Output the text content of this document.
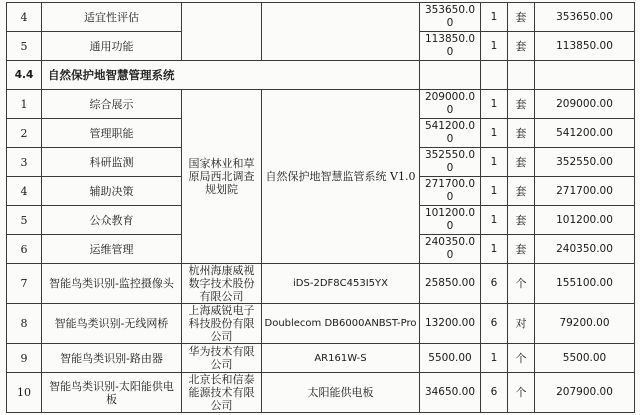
4	适宜性评估			353650.00	1	套	353650.00
5	通用功能			113850.00	1	套	113850.00
4.4	自然保护地智慧管理系统						
1	综合展示	国家林业和草原局西北调查规划院	自然保护地智慧监管系统 V1.0	209000.00	1	套	209000.00
2	管理职能			541200.00	1	套	541200.00
3	科研监测			352550.00	1	套	352550.00
4	辅助决策			271700.00	1	套	271700.00
5	公众教育			101200.00	1	套	101200.00
6	运维管理			240350.00	1	套	240350.00
7	智能鸟类识别-监控摄像头	杭州海康威视数字技术股份有限公司	iDS-2DF8C453I5YX	25850.00	6	个	155100.00
8	智能鸟类识别-无线网桥	上海威锐电子科技股份有限公司	Doublecom DB6000ANBST-Pro	13200.00	6	对	79200.00
9	智能鸟类识别-路由器	华为技术有限公司	AR161W-S	5500.00	1	个	5500.00
10	智能鸟类识别-太阳能供电板	北京长和信泰能源技术有限公司	太阳能供电板	34650.00	6	个	207900.00
